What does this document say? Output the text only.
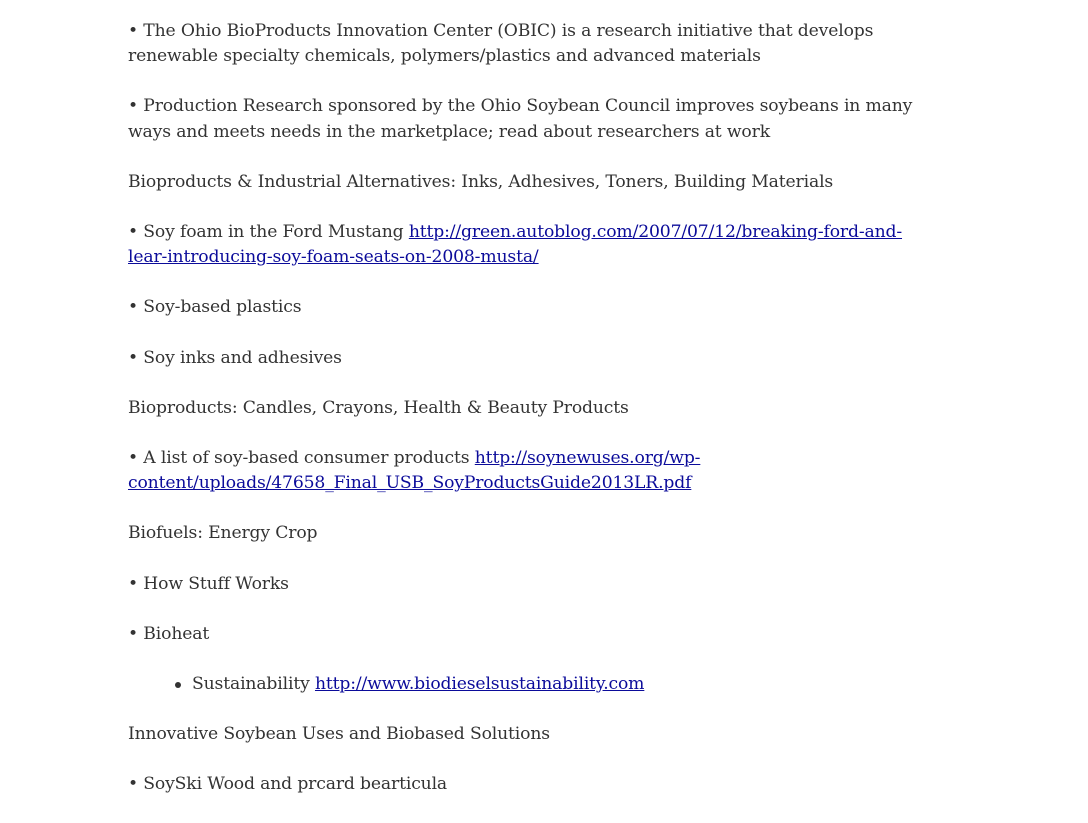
• The Ohio BioProducts Innovation Center (OBIC) is a research initiative that develops renewable specialty chemicals, polymers/plastics and advanced materials

• Production Research sponsored by the Ohio Soybean Council improves soybeans in many ways and meets needs in the marketplace; read about researchers at work

Bioproducts & Industrial Alternatives: Inks, Adhesives, Toners, Building Materials

• Soy foam in the Ford Mustang http://green.autoblog.com/2007/07/12/breaking-ford-and-lear-introducing-soy-foam-seats-on-2008-musta/

• Soy-based plastics

• Soy inks and adhesives

Bioproducts: Candles, Crayons, Health & Beauty Products

• A list of soy-based consumer products http://soynewuses.org/wp-content/uploads/47658_Final_USB_SoyProductsGuide2013LR.pdf

Biofuels: Energy Crop

• How Stuff Works

• Bioheat

Sustainability http://www.biodieselsustainability.com

Innovative Soybean Uses and Biobased Solutions

• SoySki Wood and prcard bearticula
